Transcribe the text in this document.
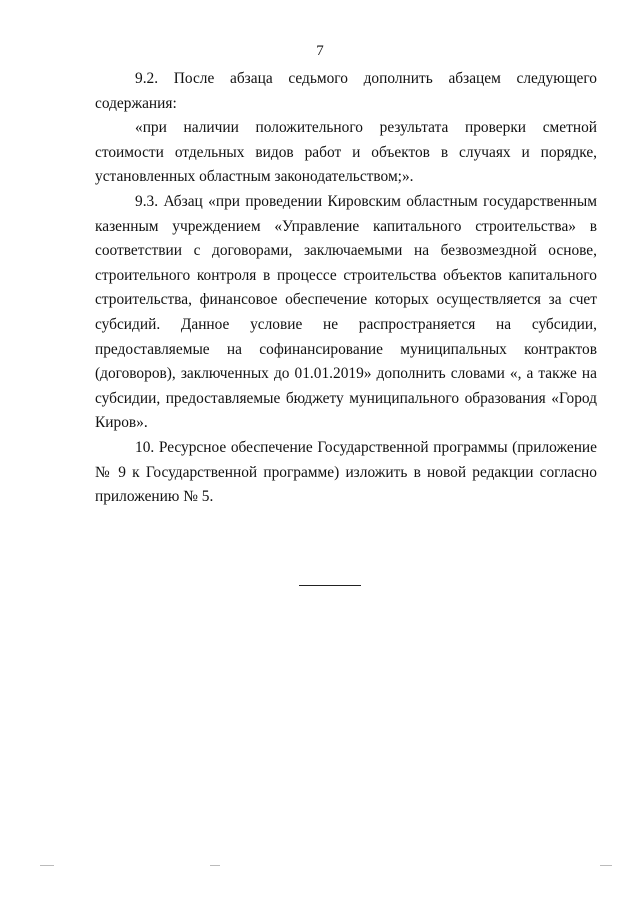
7

9.2. После абзаца седьмого дополнить абзацем следующего содержания:

«при наличии положительного результата проверки сметной стоимости отдельных видов работ и объектов в случаях и порядке, установленных областным законодательством;».

9.3. Абзац «при проведении Кировским областным государственным казенным учреждением «Управление капитального строительства» в соответствии с договорами, заключаемыми на безвозмездной основе, строительного контроля в процессе строительства объектов капитального строительства, финансовое обеспечение которых осуществляется за счет субсидий. Данное условие не распространяется на субсидии, предоставляемые на софинансирование муниципальных контрактов (договоров), заключенных до 01.01.2019» дополнить словами «, а также на субсидии, предоставляемые бюджету муниципального образования «Город Киров».

10. Ресурсное обеспечение Государственной программы (приложение № 9 к Государственной программе) изложить в новой редакции согласно приложению № 5.
